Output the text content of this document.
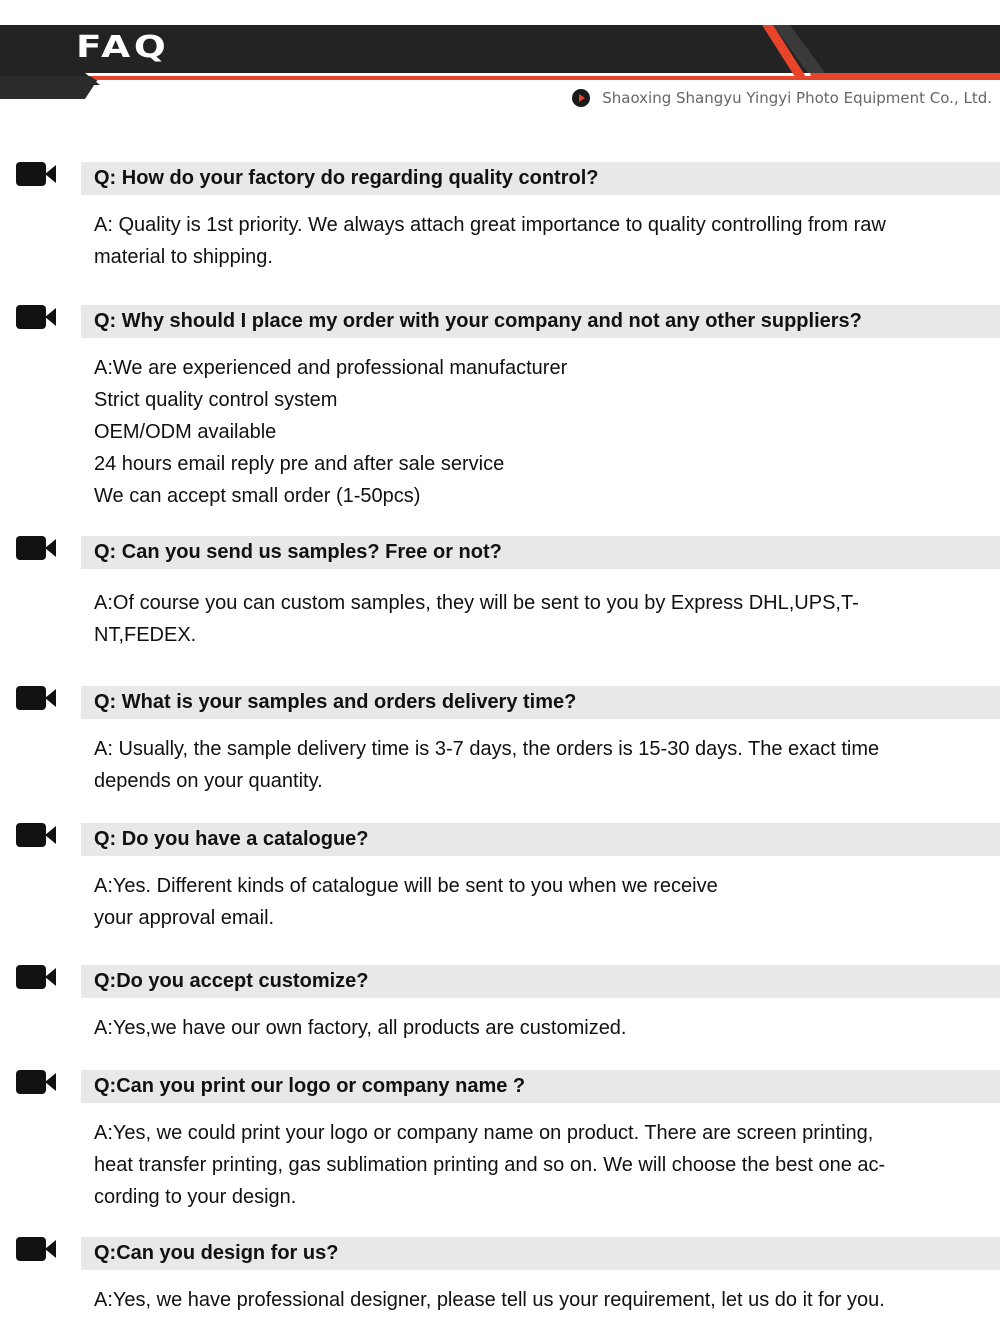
FAQ
Shaoxing Shangyu Yingyi Photo Equipment Co., Ltd.
Q: How do your factory do regarding quality control?
A: Quality is 1st priority. We always attach great importance to quality controlling from raw
material to shipping.
Q: Why should I place my order with your company and not any other suppliers?
A:We are experienced and professional manufacturer
Strict quality control system
OEM/ODM available
24 hours email reply pre and after sale service
We can accept small order (1-50pcs)
Q: Can you send us samples? Free or not?
A:Of course you can custom samples, they will be sent to you by Express DHL,UPS,T-
NT,FEDEX.
Q: What is your samples and orders delivery time?
A: Usually, the sample delivery time is 3-7 days, the orders is 15-30 days. The exact time
depends on your quantity.
Q: Do you have a catalogue?
A:Yes. Different kinds of catalogue will be sent to you when we receive
your approval email.
Q:Do you accept customize?
A:Yes,we have our own factory, all products are customized.
Q:Can you print our logo or company name ?
A:Yes, we could print your logo or company name on product. There are screen printing,
heat transfer printing, gas sublimation printing and so on. We will choose the best one ac-
cording to your design.
Q:Can you design for us?
A:Yes, we have professional designer, please tell us your requirement, let us do it for you.
